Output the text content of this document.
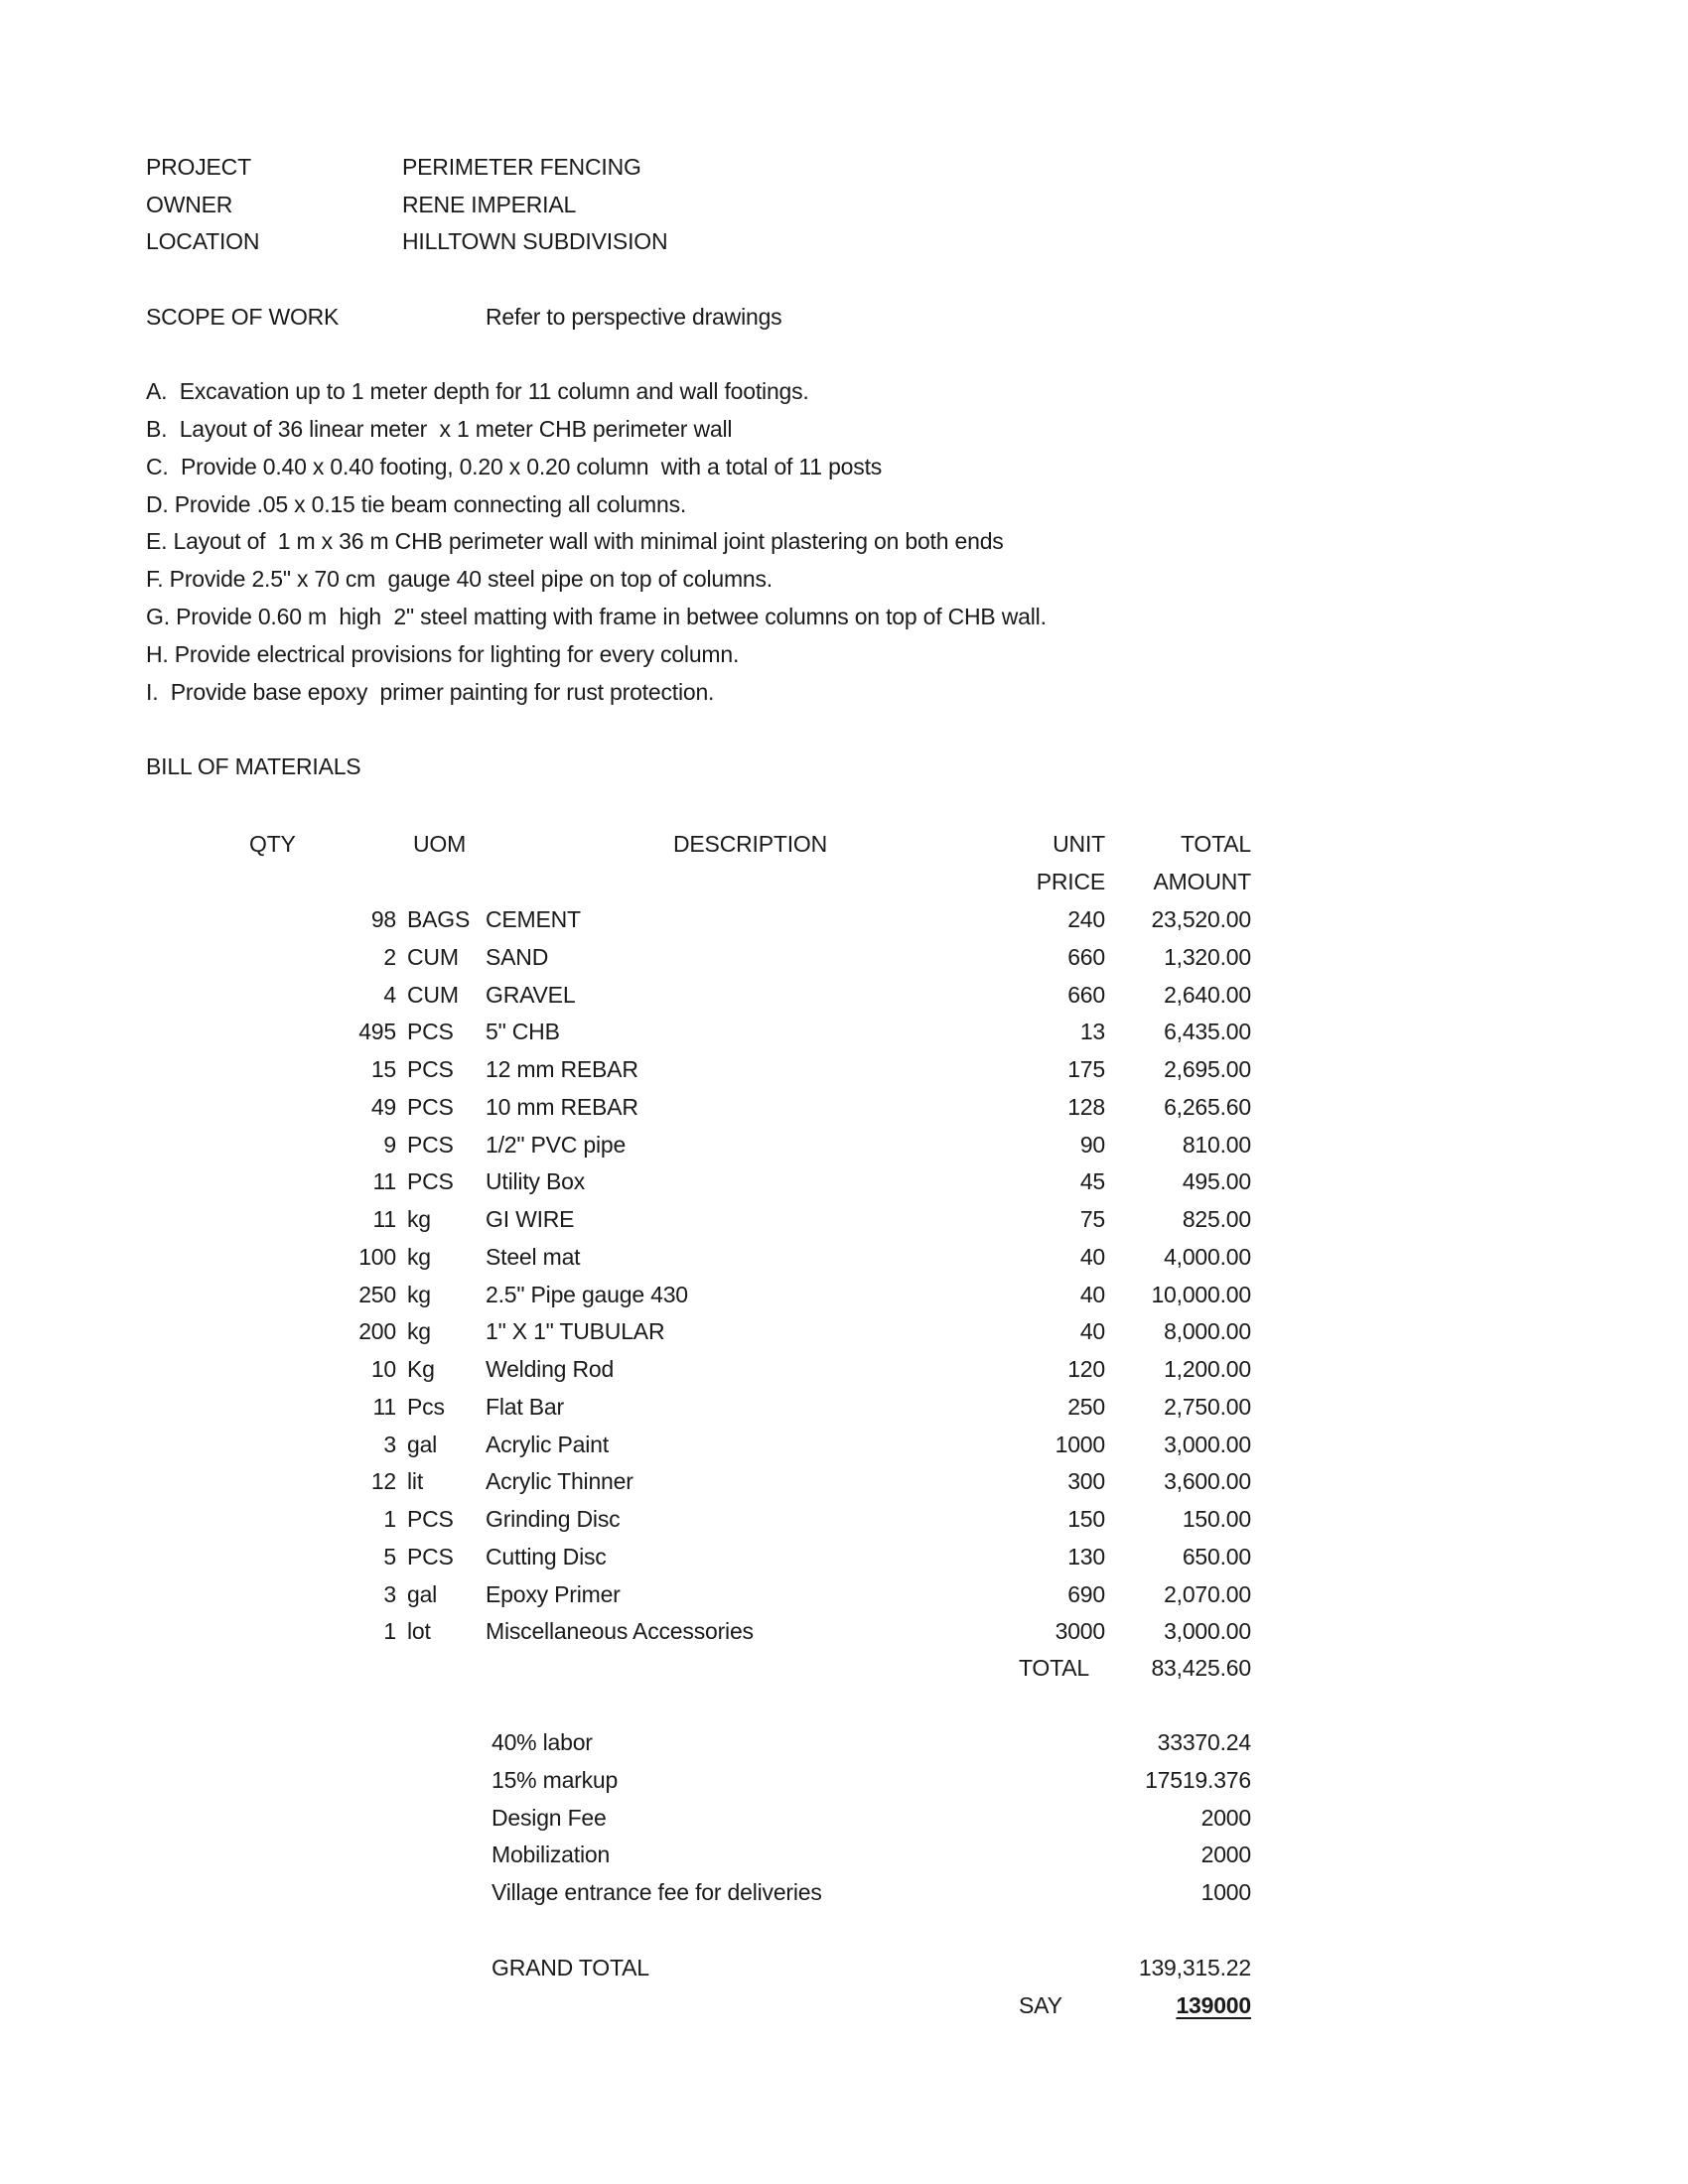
PROJECT	PERIMETER FENCING
OWNER	RENE IMPERIAL
LOCATION	HILLTOWN SUBDIVISION
SCOPE OF WORK	Refer to perspective drawings
A.  Excavation up to 1 meter depth for 11 column and wall footings.
B.  Layout of 36 linear meter  x 1 meter CHB perimeter wall
C.  Provide 0.40 x 0.40 footing, 0.20 x 0.20 column  with a total of 11 posts
D. Provide .05 x 0.15 tie beam connecting all columns.
E. Layout of  1 m x 36 m CHB perimeter wall with minimal joint plastering on both ends
F. Provide 2.5" x 70 cm  gauge 40 steel pipe on top of columns.
G. Provide 0.60 m  high  2" steel matting with frame in betwee columns on top of CHB wall.
H. Provide electrical provisions for lighting for every column.
I.  Provide base epoxy  primer painting for rust protection.
BILL OF MATERIALS
QTY	UOM	DESCRIPTION	UNIT	TOTAL
PRICE AMOUNT
98 BAGS CEMENT	240 23,520.00
2 CUM SAND	660	1,320.00
4 CUM GRAVEL	660	2,640.00
495 PCS 5" CHB	13	6,435.00
15 PCS 12 mm REBAR	175	2,695.00
49 PCS 10 mm REBAR	128	6,265.60
9 PCS 1/2" PVC pipe	90	810.00
11 PCS Utility Box	45	495.00
11 kg GI WIRE	75	825.00
100 kg Steel mat	40	4,000.00
250 kg 2.5" Pipe gauge 430	40 10,000.00
200 kg 1" X 1" TUBULAR	40	8,000.00
10 Kg Welding Rod	120	1,200.00
11 Pcs Flat Bar	250	2,750.00
3 gal Acrylic Paint	1000	3,000.00
12 lit	Acrylic Thinner	300	3,600.00
1 PCS Grinding Disc	150	150.00
5 PCS Cutting Disc	130	650.00
3 gal Epoxy Primer	690	2,070.00
1 lot Miscellaneous Accessories	3000	3,000.00
TOTAL	83,425.60
40% labor	33370.24
15% markup	17519.376
Design Fee	2000
Mobilization	2000
Village entrance fee for deliveries	1000
GRAND TOTAL	139,315.22
SAY	139000
